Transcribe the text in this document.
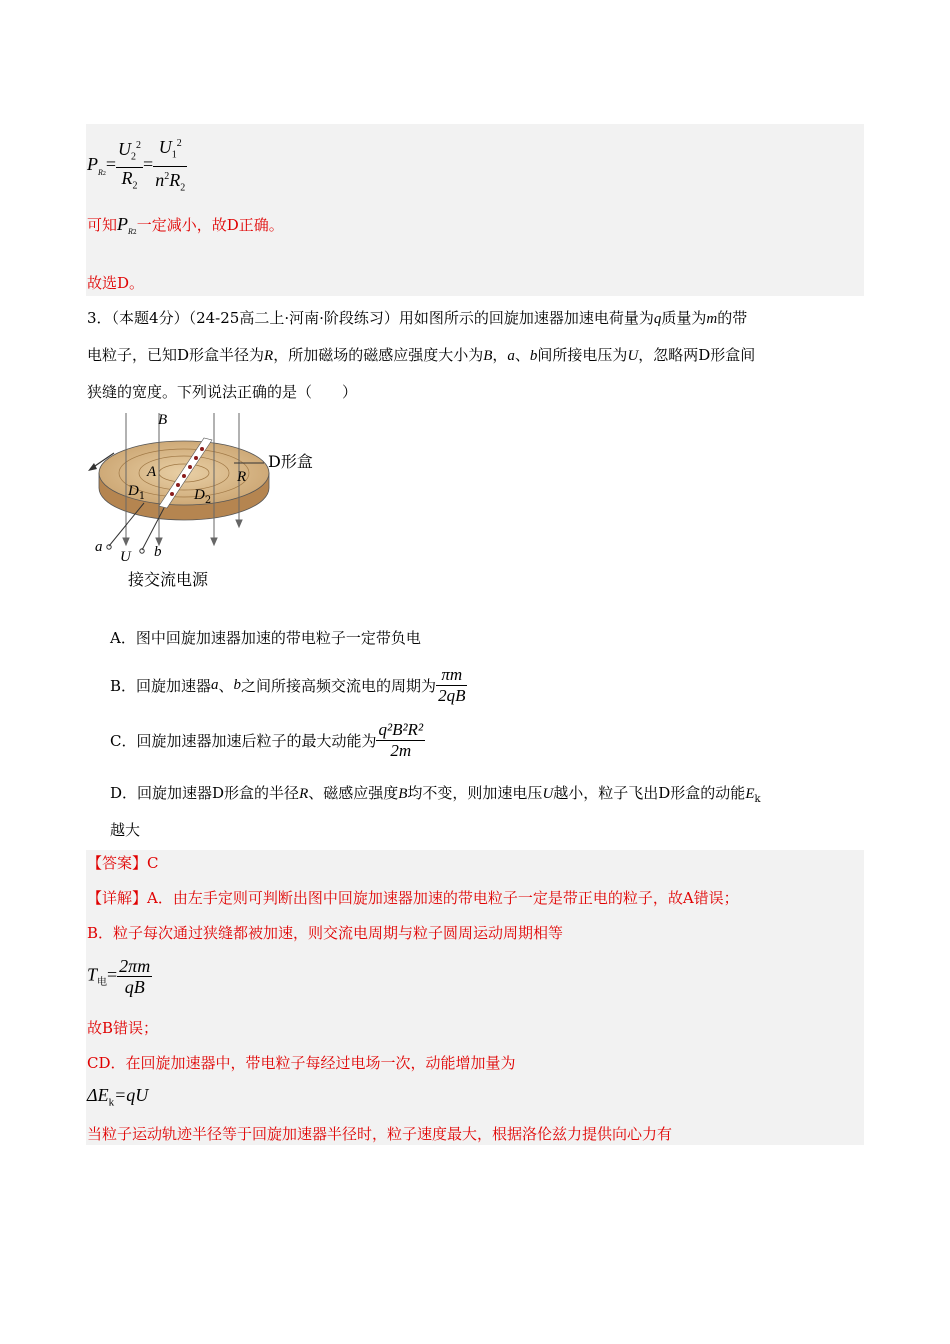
$P_{R2}= \frac{U_2^2}{R_2} = \frac{U_1^2}{n^2R_2}$
可知$P_{R2}$一定减小，故D正确。
故选D。
3．（本题4分）（24-25高二上·河南·阶段练习）用如图所示的回旋加速器加速电荷量为q质量为m的带
电粒子，已知D形盒半径为R，所加磁场的磁感应强度大小为B，a、b间所接电压为U，忽略两D形盒间
狭缝的宽度。下列说法正确的是（　　）
B
A
$D_1$	$D_2$
R
D形盒
a
U b
接交流电源
A．图中回旋加速器加速的带电粒子一定带负电
B．回旋加速器a、b之间所接高频交流电的周期为 $\frac{\pi m}{2qB}$
C．回旋加速器加速后粒子的最大动能为 $\frac{\text{q²B²R²}}{2m}$
D．回旋加速器D形盒的半径R、磁感应强度B均不变，则加速电压U越小，粒子飞出D形盒的动能$E_k$
越大
【答案】C
【详解】A．由左手定则可判断出图中回旋加速器加速的带电粒子一定是带正电的粒子，故A错误；
B．粒子每次通过狭缝都被加速，则交流电周期与粒子圆周运动周期相等
$T_电= \frac{2\pi m}{qB}$
故B错误；
CD．在回旋加速器中，带电粒子每经过电场一次，动能增加量为
$\Delta E_k=qU$
当粒子运动轨迹半径等于回旋加速器半径时，粒子速度最大，根据洛伦兹力提供向心力有
